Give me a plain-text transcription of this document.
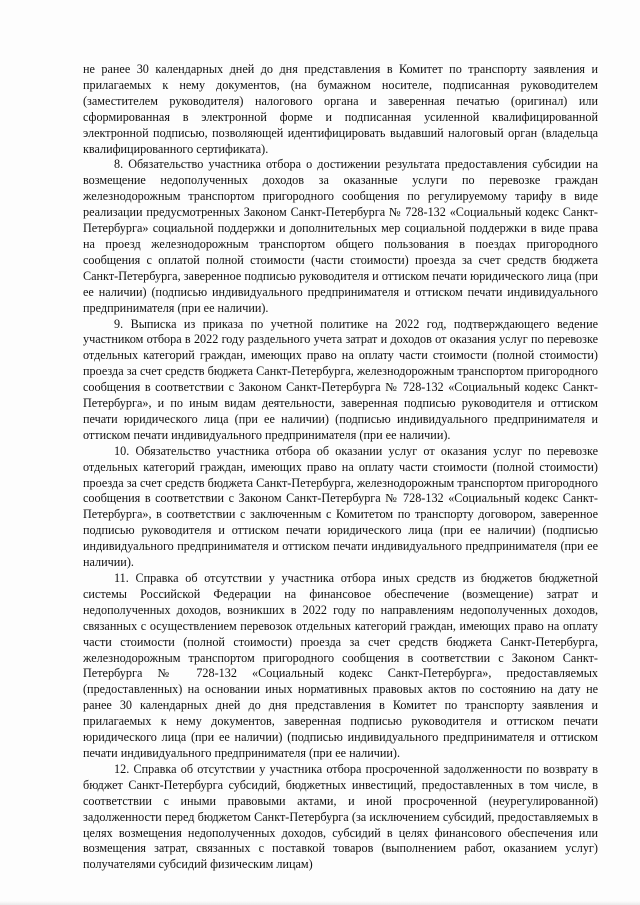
не ранее 30 календарных дней до дня представления в Комитет по транспорту заявления и прилагаемых к нему документов, (на бумажном носителе, подписанная руководителем (заместителем руководителя) налогового органа и заверенная печатью (оригинал) или сформированная в электронной форме и подписанная усиленной квалифицированной электронной подписью, позволяющей идентифицировать выдавший налоговый орган (владельца квалифицированного сертификата).

8. Обязательство участника отбора о достижении результата предоставления субсидии на возмещение недополученных доходов за оказанные услуги по перевозке граждан железнодорожным транспортом пригородного сообщения по регулируемому тарифу в виде реализации предусмотренных Законом Санкт-Петербурга № 728-132 «Социальный кодекс Санкт-Петербурга» социальной поддержки и дополнительных мер социальной поддержки в виде права на проезд железнодорожным транспортом общего пользования в поездах пригородного сообщения с оплатой полной стоимости (части стоимости) проезда за счет средств бюджета Санкт-Петербурга, заверенное подписью руководителя и оттиском печати юридического лица (при ее наличии) (подписью индивидуального предпринимателя и оттиском печати индивидуального предпринимателя (при ее наличии).

9. Выписка из приказа по учетной политике на 2022 год, подтверждающего ведение участником отбора в 2022 году раздельного учета затрат и доходов от оказания услуг по перевозке отдельных категорий граждан, имеющих право на оплату части стоимости (полной стоимости) проезда за счет средств бюджета Санкт-Петербурга, железнодорожным транспортом пригородного сообщения в соответствии с Законом Санкт-Петербурга № 728-132 «Социальный кодекс Санкт-Петербурга», и по иным видам деятельности, заверенная подписью руководителя и оттиском печати юридического лица (при ее наличии) (подписью индивидуального предпринимателя и оттиском печати индивидуального предпринимателя (при ее наличии).

10. Обязательство участника отбора об оказании услуг от оказания услуг по перевозке отдельных категорий граждан, имеющих право на оплату части стоимости (полной стоимости) проезда за счет средств бюджета Санкт-Петербурга, железнодорожным транспортом пригородного сообщения в соответствии с Законом Санкт-Петербурга № 728-132 «Социальный кодекс Санкт-Петербурга», в соответствии с заключенным с Комитетом по транспорту договором, заверенное подписью руководителя и оттиском печати юридического лица (при ее наличии) (подписью индивидуального предпринимателя и оттиском печати индивидуального предпринимателя (при ее наличии).

11. Справка об отсутствии у участника отбора иных средств из бюджетов бюджетной системы Российской Федерации на финансовое обеспечение (возмещение) затрат и недополученных доходов, возникших в 2022 году по направлениям недополученных доходов, связанных с осуществлением перевозок отдельных категорий граждан, имеющих право на оплату части стоимости (полной стоимости) проезда за счет средств бюджета Санкт-Петербурга, железнодорожным транспортом пригородного сообщения в соответствии с Законом Санкт-Петербурга № 728-132 «Социальный кодекс Санкт-Петербурга», предоставляемых (предоставленных) на основании иных нормативных правовых актов по состоянию на дату не ранее 30 календарных дней до дня представления в Комитет по транспорту заявления и прилагаемых к нему документов, заверенная подписью руководителя и оттиском печати юридического лица (при ее наличии) (подписью индивидуального предпринимателя и оттиском печати индивидуального предпринимателя (при ее наличии).

12. Справка об отсутствии у участника отбора просроченной задолженности по возврату в бюджет Санкт-Петербурга субсидий, бюджетных инвестиций, предоставленных в том числе, в соответствии с иными правовыми актами, и иной просроченной (неурегулированной) задолженности перед бюджетом Санкт-Петербурга (за исключением субсидий, предоставляемых в целях возмещения недополученных доходов, субсидий в целях финансового обеспечения или возмещения затрат, связанных с поставкой товаров (выполнением работ, оказанием услуг) получателями субсидий физическим лицам)
